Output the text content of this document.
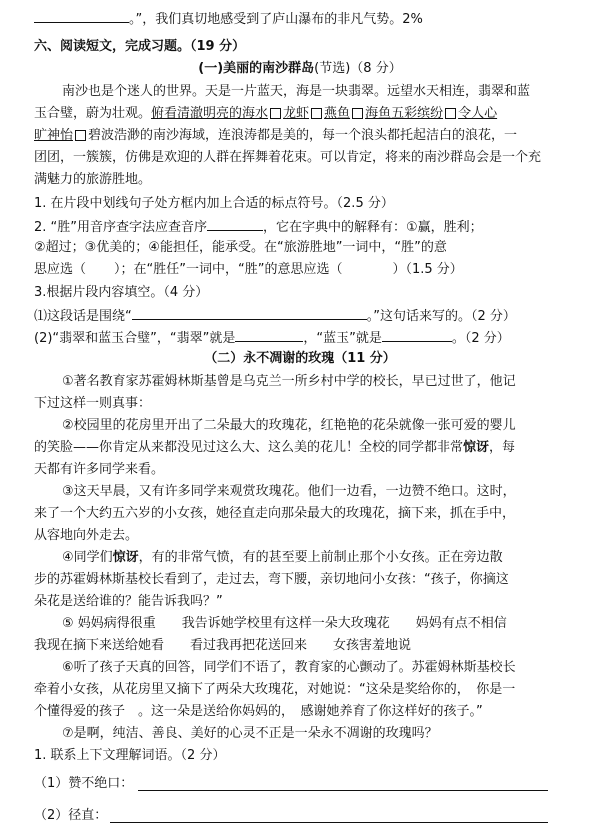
。”，我们真切地感受到了庐山瀑布的非凡气势。2%
六、阅读短文，完成习题。（19 分）
(一)美丽的南沙群岛(节选)（8 分）
南沙也是个迷人的世界。天是一片蓝天，海是一块翡翠。远望水天相连，翡翠和蓝
玉合璧，蔚为壮观。俯看清澈明亮的海水 龙虾 燕鱼 海鱼五彩缤纷 令人心
旷神怡 碧波浩渺的南沙海域，连浪涛都是美的，每一个浪头都托起洁白的浪花，一
团团，一簇簇，仿佛是欢迎的人群在挥舞着花束。可以肯定，将来的南沙群岛会是一个充
满魅力的旅游胜地。
1. 在片段中划线句子处方框内加上合适的标点符号。（2.5 分）
2. “胜”用音序查字法应查音序	，它在字典中的解释有：①赢，胜利；
②超过；③优美的；④能担任，能承受。在“旅游胜地”一词中，“胜”的意
思应选（ ）；在“胜任”一词中，“胜”的意思应选（	）（1.5 分）
3.根据片段内容填空。（4 分）
⑴这段话是围绕“	。”这句话来写的。（2 分）
(2)“翡翠和蓝玉合璧”，“翡翠”就是	，“蓝玉”就是	。（2 分）
（二）永不凋谢的玫瑰（11 分）
①著名教育家苏霍姆林斯基曾是乌克兰一所乡村中学的校长，早已过世了，他记
下过这样一则真事：
②校园里的花房里开出了二朵最大的玫瑰花，红艳艳的花朵就像一张可爱的婴儿
的笑脸——你肯定从来都没见过这么大、这么美的花儿！全校的同学都非常惊讶，每
天都有许多同学来看。
③这天早晨，又有许多同学来观赏玫瑰花。他们一边看，一边赞不绝口。这时，
来了一个大约五六岁的小女孩，她径直走向那朵最大的玫瑰花，摘下来，抓在手中，
从容地向外走去。
④同学们惊讶，有的非常气愤，有的甚至要上前制止那个小女孩。正在旁边散
步的苏霍姆林斯基校长看到了，走过去，弯下腰，亲切地问小女孩：“孩子，你摘这
朵花是送给谁的？能告诉我吗？”
⑤ 妈妈病得很重　　我告诉她学校里有这样一朵大玫瑰花　　妈妈有点不相信
我现在摘下来送给她看　　看过我再把花送回来　　女孩害羞地说
⑥听了孩子天真的回答，同学们不语了，教育家的心颤动了。苏霍姆林斯基校长
牵着小女孩，从花房里又摘下了两朵大玫瑰花，对她说：“这朵是奖给你的，　你是一
个懂得爱的孩子　。这一朵是送给你妈妈的，　感谢她养育了你这样好的孩子。”
⑦是啊，纯洁、善良、美好的心灵不正是一朵永不凋谢的玫瑰吗？
1. 联系上下文理解词语。（2 分）
（1）赞不绝口：
（2）径直：
